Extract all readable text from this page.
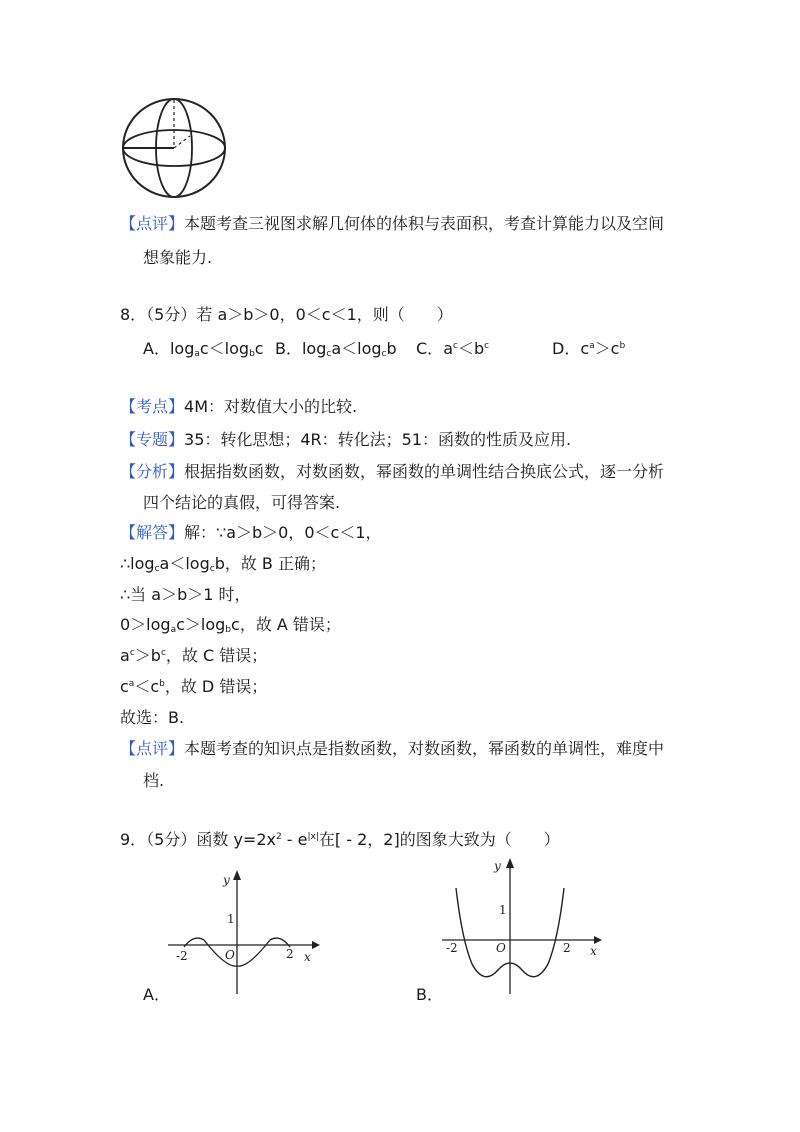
【点评】本题考查三视图求解几何体的体积与表面积，考查计算能力以及空间
想象能力.
8．（5分）若 a＞b＞0，0＜c＜1，则（　　）
A．$\log_ac<\log_bc$ B．$\log_ca<\log_cb$ C．$a^c<b^c$	D．$c^a>c^b$
【考点】4M：对数值大小的比较.
【专题】35：转化思想；4R：转化法；51：函数的性质及应用.
【分析】根据指数函数，对数函数，幂函数的单调性结合换底公式，逐一分析
四个结论的真假，可得答案.
【解答】解：∵a＞b＞0，0＜c＜1，
$\therefore\log_ca<\log_cb$，故 B 正确；
∴当 a＞b＞1 时，
$0>\log_ac>\log_bc$，故 A 错误；
$a^c>b^c$，故 C 错误；
$c^a<c^b$，故 D 错误；
故选：B.
【点评】本题考查的知识点是指数函数，对数函数，幂函数的单调性，难度中
档.
9．（5分）函数 $y=2x^2 - e^{|x|}$在[ - 2，2]的图象大致为（　　）
y
1
O
-2	2 x
A．
y
1
O
-2	2 x
B．
